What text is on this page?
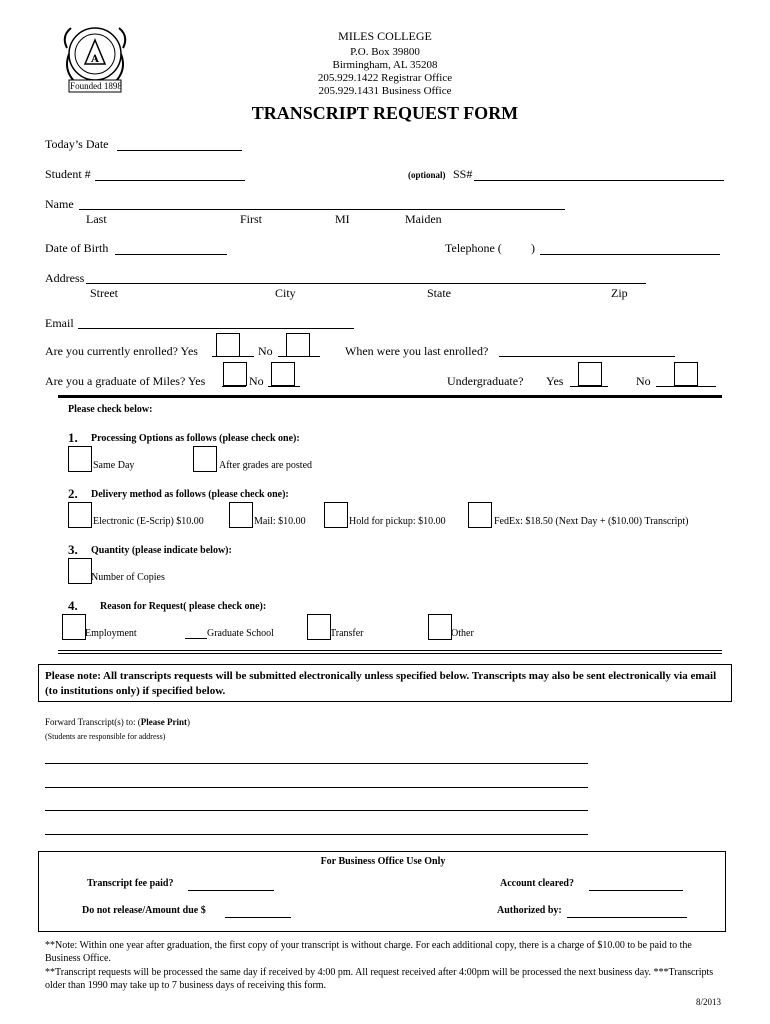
A
Founded 1898
MILES COLLEGE
P.O. Box 39800
Birmingham, AL 35208
205.929.1422 Registrar Office
205.929.1431 Business Office
TRANSCRIPT REQUEST FORM
Today’s Date
Student #	(optional) SS#
Name
Last	First	MI	Maiden
Date of Birth	Telephone ( )
Address
Street	City	State	Zip
Email
Are you currently enrolled? Yes	No	When were you last enrolled?
Are you a graduate of Miles? Yes	No	Undergraduate? Yes	No
Please check below:
1. Processing Options as follows (please check one):
Same Day	After grades are posted
2. Delivery method as follows (please check one):
Electronic (E-Scrip) $10.00	Mail: $10.00	Hold for pickup: $10.00	FedEx: $18.50 (Next Day + ($10.00) Transcript)
3. Quantity (please indicate below):
Number of Copies
4. Reason for Request( please check one):
Employment	Graduate School	Transfer	Other
Please note: All transcripts requests will be submitted electronically unless specified below. Transcripts may also be sent electronically via email (to institutions only) if specified below.
Forward Transcript(s) to: (Please Print)
(Students are responsible for address)
For Business Office Use Only
Transcript fee paid?	Account cleared?
Do not release/Amount due $	Authorized by:
**Note: Within one year after graduation, the first copy of your transcript is without charge. For each additional copy, there is a charge of $10.00 to be paid to the Business Office.
**Transcript requests will be processed the same day if received by 4:00 pm. All request received after 4:00pm will be processed the next business day. ***Transcripts older than 1990 may take up to 7 business days of receiving this form.
8/2013
